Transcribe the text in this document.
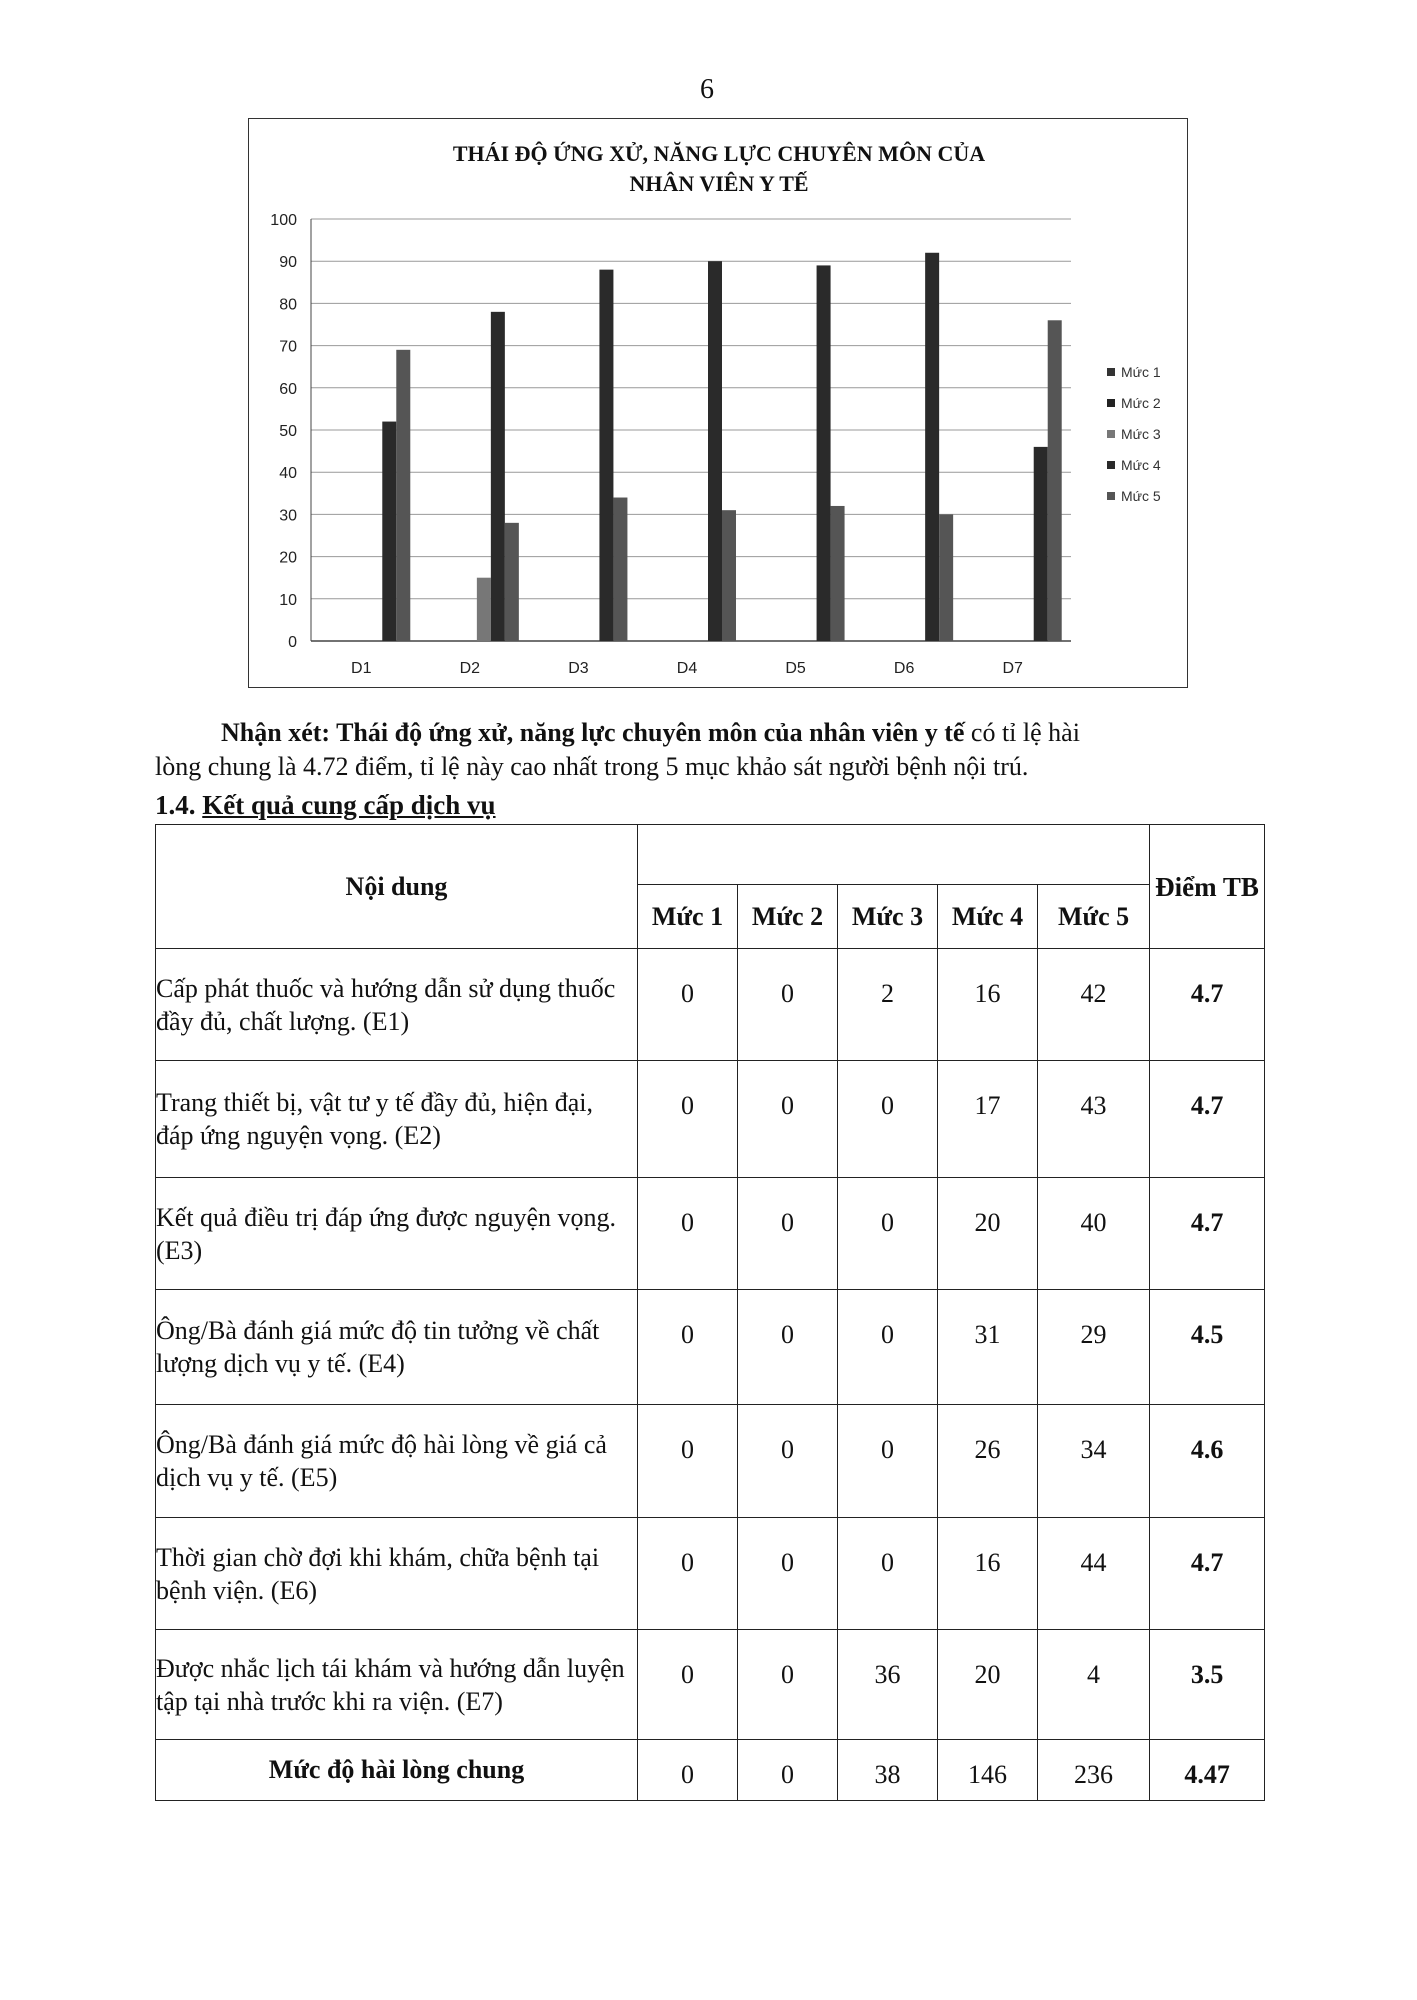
6
THÁI ĐỘ ỨNG XỬ, NĂNG LỰC CHUYÊN MÔN CỦA
NHÂN VIÊN Y TẾ
0
10
20
30
40
50
60
70
80
90
100
D1	D2	D3	D4	D5	D6	D7
Mức 1
Mức 2
Mức 3
Mức 4
Mức 5
Nhận xét: Thái độ ứng xử, năng lực chuyên môn của nhân viên y tế có tỉ lệ hài
lòng chung là 4.72 điểm, tỉ lệ này cao nhất trong 5 mục khảo sát người bệnh nội trú.
1.4. Kết quả cung cấp dịch vụ
Nội dung						Điểm TB
	Mức 1	Mức 2	Mức 3	Mức 4	Mức 5	
Cấp phát thuốc và hướng dẫn sử dụng thuốc đầy đủ, chất lượng. (E1)	0	0	2	16	42	4.7
Trang thiết bị, vật tư y tế đầy đủ, hiện đại, đáp ứng nguyện vọng. (E2)	0	0	0	17	43	4.7
Kết quả điều trị đáp ứng được nguyện vọng. (E3)	0	0	0	20	40	4.7
Ông/Bà đánh giá mức độ tin tưởng về chất lượng dịch vụ y tế. (E4)	0	0	0	31	29	4.5
Ông/Bà đánh giá mức độ hài lòng về giá cả dịch vụ y tế. (E5)	0	0	0	26	34	4.6
Thời gian chờ đợi khi khám, chữa bệnh tại bệnh viện. (E6)	0	0	0	16	44	4.7
Được nhắc lịch tái khám và hướng dẫn luyện tập tại nhà trước khi ra viện. (E7)	0	0	36	20	4	3.5
Mức độ hài lòng chung	0	0	38	146	236	4.47
